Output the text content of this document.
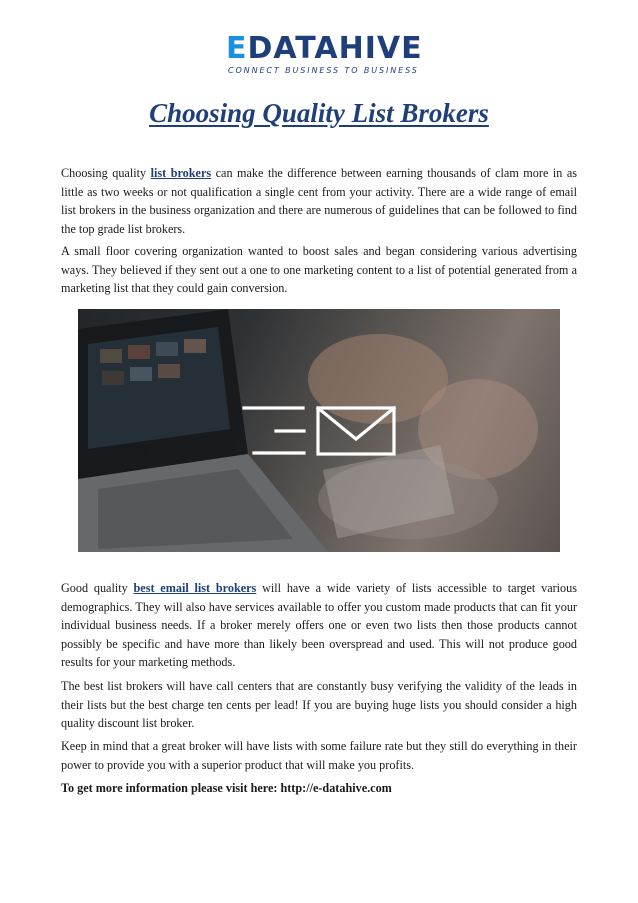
EDATAHIVE
CONNECT BUSINESS TO BUSINESS
Choosing Quality List Brokers

Choosing quality list brokers can make the difference between earning thousands of clam more in as little as two weeks or not qualification a single cent from your activity. There are a wide range of email list brokers in the business organization and there are numerous of guidelines that can be followed to find the top grade list brokers.

A small floor covering organization wanted to boost sales and began considering various advertising ways. They believed if they sent out a one to one marketing content to a list of potential generated from a marketing list that they could gain conversion.

Good quality best email list brokers will have a wide variety of lists accessible to target various demographics. They will also have services available to offer you custom made products that can fit your individual business needs. If a broker merely offers one or even two lists then those products cannot possibly be specific and have more than likely been overspread and used. This will not produce good results for your marketing methods.

The best list brokers will have call centers that are constantly busy verifying the validity of the leads in their lists but the best charge ten cents per lead! If you are buying huge lists you should consider a high quality discount list broker.

Keep in mind that a great broker will have lists with some failure rate but they still do everything in their power to provide you with a superior product that will make you profits.

To get more information please visit here: http://e-datahive.com
